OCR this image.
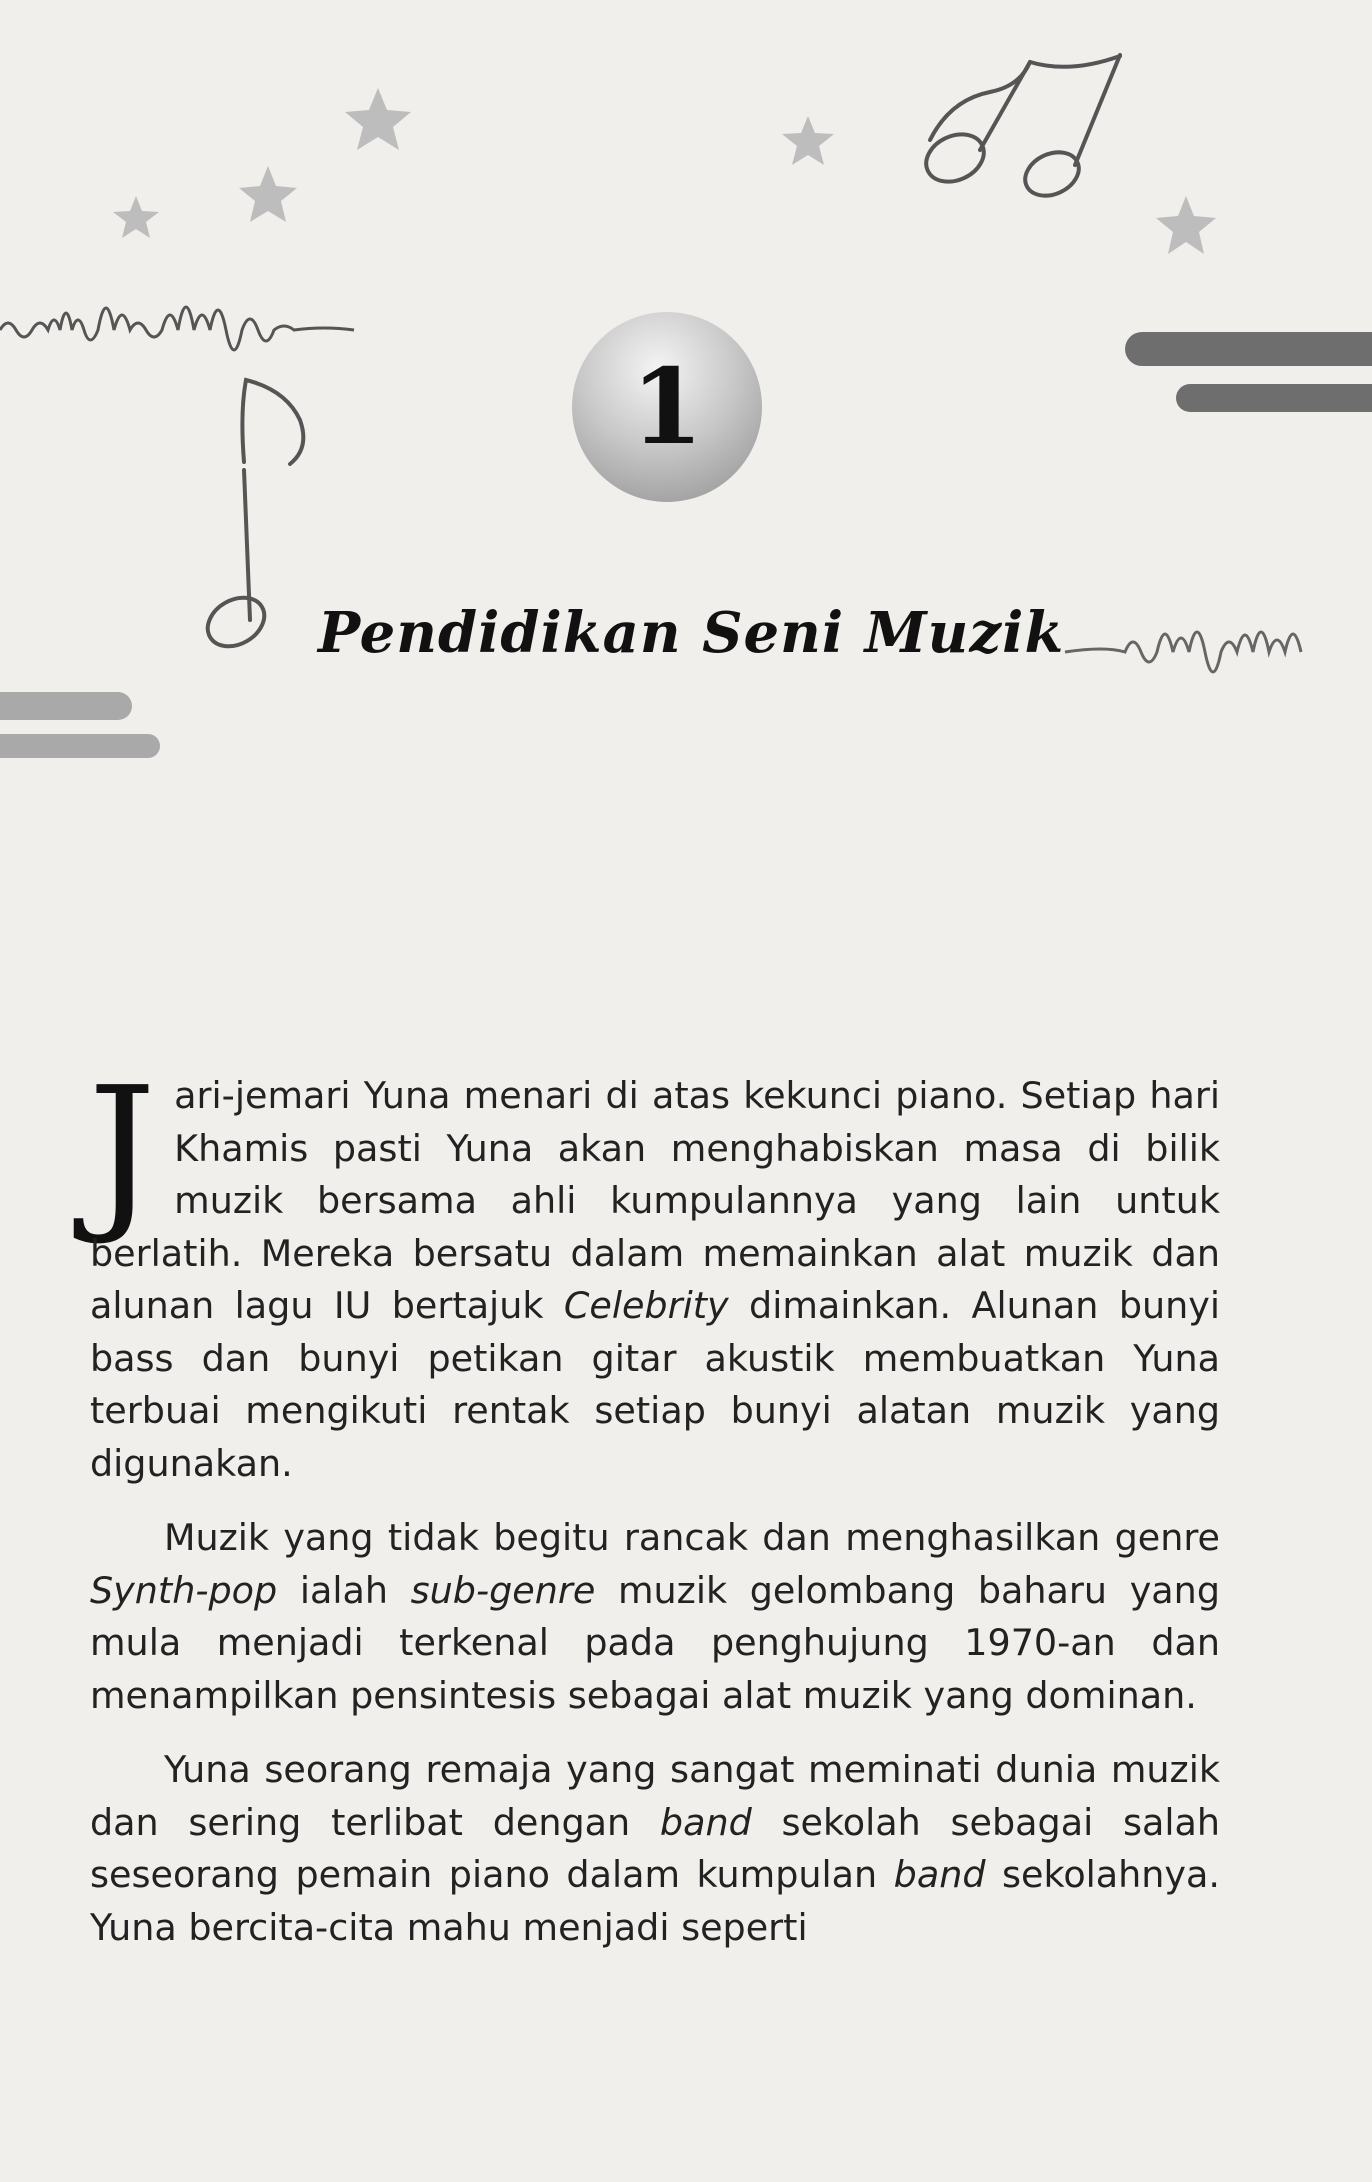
1
Pendidikan Seni Muzik

Jari-jemari Yuna menari di atas kekunci piano. Setiap hari Khamis pasti Yuna akan menghabiskan masa di bilik muzik bersama ahli kumpulannya yang lain untuk berlatih. Mereka bersatu dalam memainkan alat muzik dan alunan lagu IU bertajuk Celebrity dimainkan. Alunan bunyi bass dan bunyi petikan gitar akustik membuatkan Yuna terbuai mengikuti rentak setiap bunyi alatan muzik yang digunakan.

Muzik yang tidak begitu rancak dan menghasilkan genre Synth-pop ialah sub-genre muzik gelombang baharu yang mula menjadi terkenal pada penghujung 1970-an dan menampilkan pensintesis sebagai alat muzik yang dominan.

Yuna seorang remaja yang sangat meminati dunia muzik dan sering terlibat dengan band sekolah sebagai salah seseorang pemain piano dalam kumpulan band sekolahnya. Yuna bercita-cita mahu menjadi seperti
